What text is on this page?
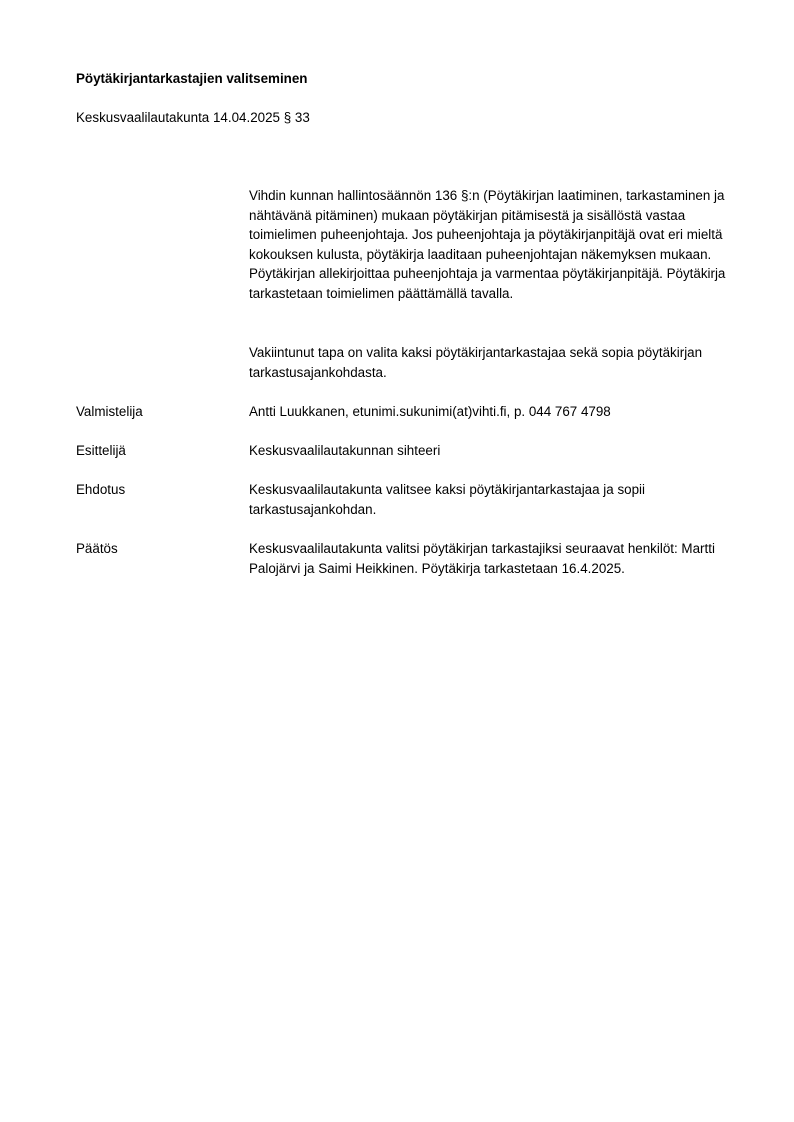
Pöytäkirjantarkastajien valitseminen
Keskusvaalilautakunta 14.04.2025 § 33

Vihdin kunnan hallintosäännön 136 §:n (Pöytäkirjan laatiminen, tarkastaminen ja nähtävänä pitäminen) mukaan pöytäkirjan pitämisestä ja sisällöstä vastaa toimielimen puheenjohtaja. Jos puheenjohtaja ja pöytäkirjanpitäjä ovat eri mieltä kokouksen kulusta, pöytäkirja laaditaan puheenjohtajan näkemyksen mukaan. Pöytäkirjan allekirjoittaa puheenjohtaja ja varmentaa pöytäkirjanpitäjä. Pöytäkirja tarkastetaan toimielimen päättämällä tavalla.

Vakiintunut tapa on valita kaksi pöytäkirjantarkastajaa sekä sopia pöytäkirjan tarkastusajankohdasta.

Valmistelija	Antti Luukkanen, etunimi.sukunimi(at)vihti.fi, p. 044 767 4798
Esittelijä	Keskusvaalilautakunnan sihteeri
Ehdotus	Keskusvaalilautakunta valitsee kaksi pöytäkirjantarkastajaa ja sopii tarkastusajankohdan.
Päätös	Keskusvaalilautakunta valitsi pöytäkirjan tarkastajiksi seuraavat henkilöt: Martti Palojärvi ja Saimi Heikkinen. Pöytäkirja tarkastetaan 16.4.2025.
